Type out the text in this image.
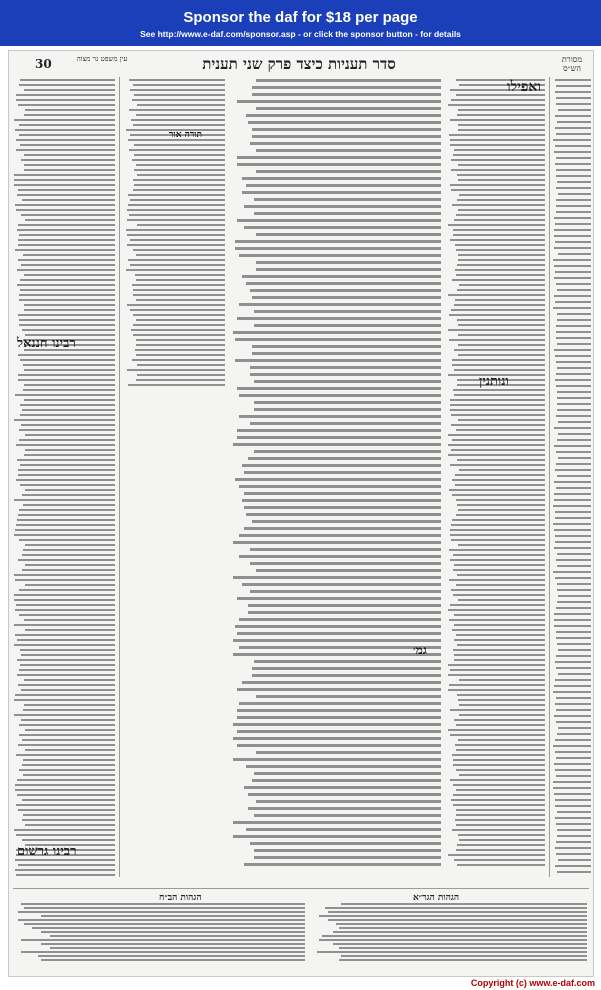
Sponsor the daf for $18 per page
See http://www.e-daf.com/sponsor.asp - or click the sponsor button - for details
30	עין משפט נר מצוה	סדר תעניות כיצד פרק שני תענית	מסורת הש״ס
רבינו חננאל
רבינו גרשום
ואפילו
ונותנין
תורה אור
גמ׳
הגהות הב״ח	הגהות הגר״א
Copyright (c) www.e-daf.com
